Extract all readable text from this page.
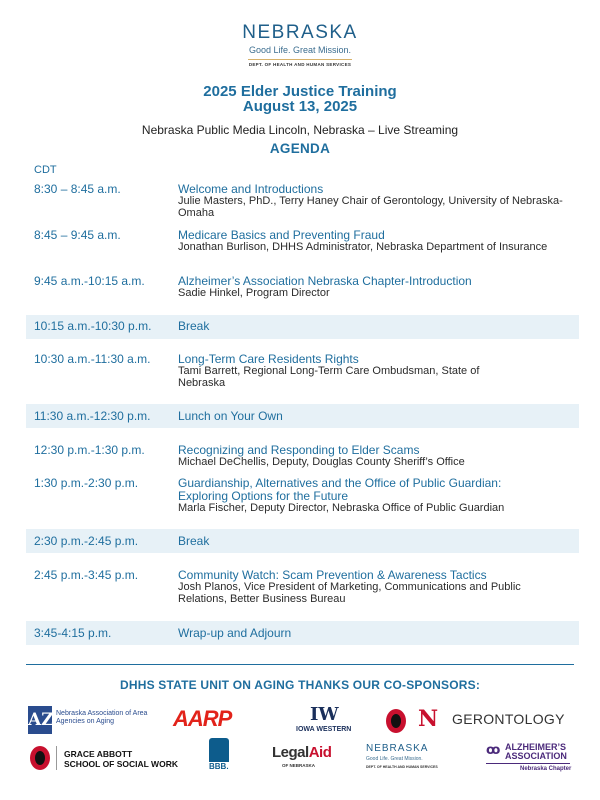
NEBRASKA
Good Life. Great Mission.
DEPT. OF HEALTH AND HUMAN SERVICES
2025 Elder Justice Training
August 13, 2025
Nebraska Public Media Lincoln, Nebraska – Live Streaming
AGENDA
CDT
8:30 – 8:45 a.m.	Welcome and Introductions
Julie Masters, PhD., Terry Haney Chair of Gerontology, University of Nebraska-Omaha
8:45 – 9:45 a.m.	Medicare Basics and Preventing Fraud
Jonathan Burlison, DHHS Administrator, Nebraska Department of Insurance
9:45 a.m.-10:15 a.m.	Alzheimer’s Association Nebraska Chapter-Introduction
Sadie Hinkel, Program Director
10:15 a.m.-10:30 p.m. Break
10:30 a.m.-11:30 a.m. Long-Term Care Residents Rights
Tami Barrett, Regional Long-Term Care Ombudsman, State of Nebraska
11:30 a.m.-12:30 p.m. Lunch on Your Own
12:30 p.m.-1:30 p.m.	Recognizing and Responding to Elder Scams
Michael DeChellis, Deputy, Douglas County Sheriff’s Office
1:30 p.m.-2:30 p.m.	Guardianship, Alternatives and the Office of Public Guardian:
Exploring Options for the Future
Marla Fischer, Deputy Director, Nebraska Office of Public Guardian
2:30 p.m.-2:45 p.m.	Break
2:45 p.m.-3:45 p.m.	Community Watch: Scam Prevention & Awareness Tactics
Josh Planos, Vice President of Marketing, Communications and Public Relations, Better Business Bureau
3:45-4:15 p.m.	Wrap-up and Adjourn
DHHS STATE UNIT ON AGING THANKS OUR CO-SPONSORS:
AZ Nebraska Association of Area Agencies on Aging	AARP	IW
IOWA WESTERN	N GERONTOLOGY
GRACE ABBOTT
SCHOOL OF SOCIAL WORK	BBB.
LegalAid
OF NEBRASKA
NEBRASKA
Good Life. Great Mission.
DEPT. OF HEALTH AND HUMAN SERVICES
ꝏ ALZHEIMER’S
ASSOCIATION
Nebraska Chapter
